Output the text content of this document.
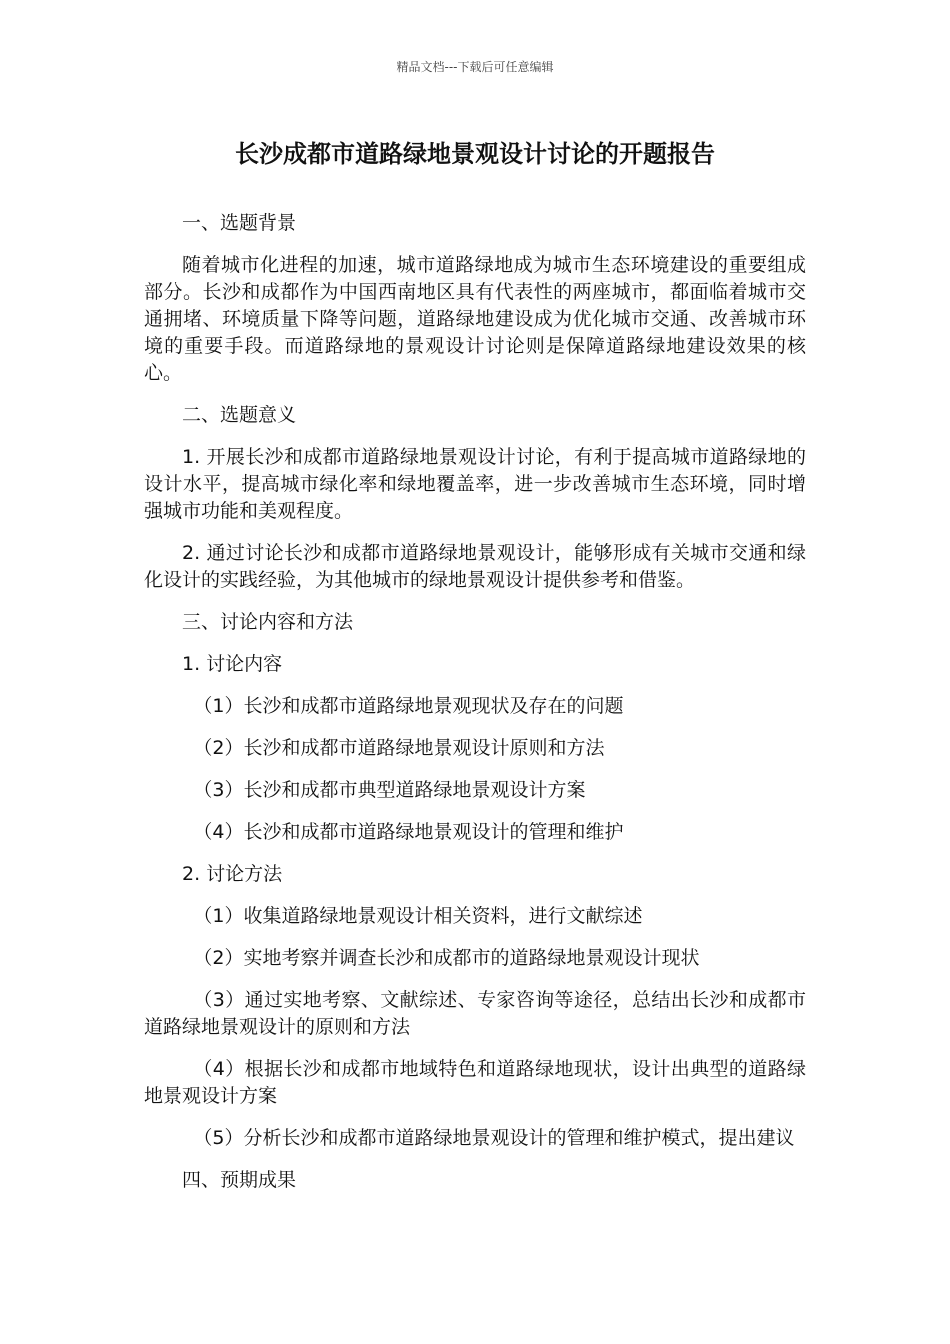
精品文档---下载后可任意编辑
长沙成都市道路绿地景观设计讨论的开题报告

一、选题背景

随着城市化进程的加速，城市道路绿地成为城市生态环境建设的重要组成部分。长沙和成都作为中国西南地区具有代表性的两座城市，都面临着城市交通拥堵、环境质量下降等问题，道路绿地建设成为优化城市交通、改善城市环境的重要手段。而道路绿地的景观设计讨论则是保障道路绿地建设效果的核心。

二、选题意义

1. 开展长沙和成都市道路绿地景观设计讨论，有利于提高城市道路绿地的设计水平，提高城市绿化率和绿地覆盖率，进一步改善城市生态环境，同时增强城市功能和美观程度。

2. 通过讨论长沙和成都市道路绿地景观设计，能够形成有关城市交通和绿化设计的实践经验，为其他城市的绿地景观设计提供参考和借鉴。

三、讨论内容和方法

1. 讨论内容

（1）长沙和成都市道路绿地景观现状及存在的问题

（2）长沙和成都市道路绿地景观设计原则和方法

（3）长沙和成都市典型道路绿地景观设计方案

（4）长沙和成都市道路绿地景观设计的管理和维护

2. 讨论方法

（1）收集道路绿地景观设计相关资料，进行文献综述

（2）实地考察并调查长沙和成都市的道路绿地景观设计现状

（3）通过实地考察、文献综述、专家咨询等途径，总结出长沙和成都市道路绿地景观设计的原则和方法

（4）根据长沙和成都市地域特色和道路绿地现状，设计出典型的道路绿地景观设计方案

（5）分析长沙和成都市道路绿地景观设计的管理和维护模式，提出建议

四、预期成果
